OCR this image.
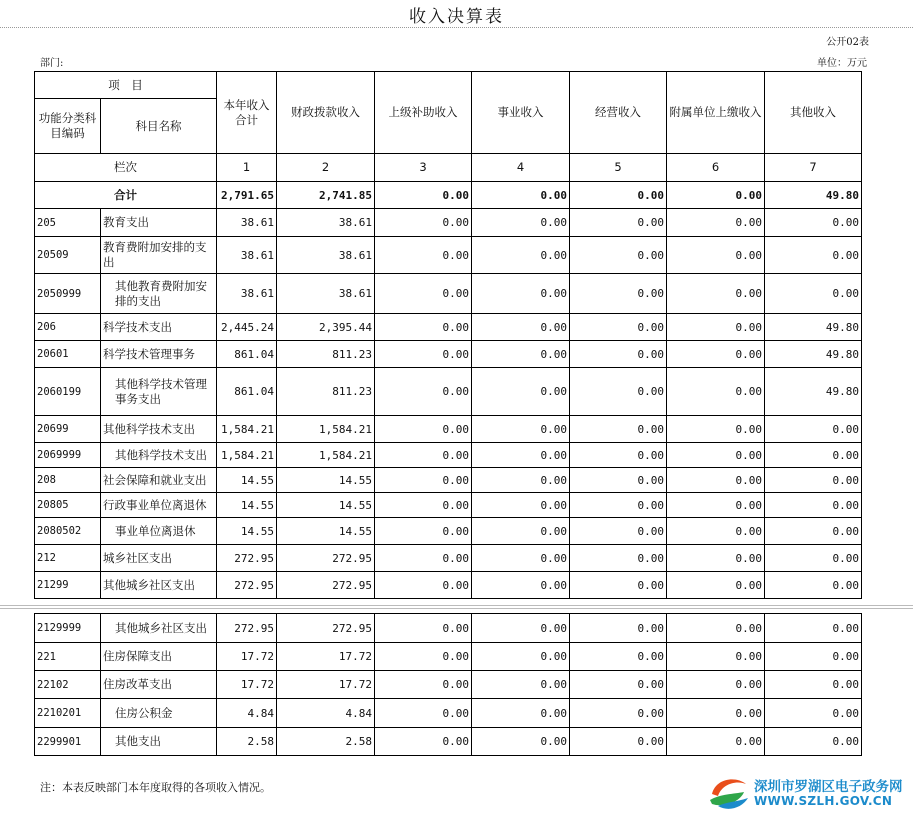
收入决算表
公开02表
部门:	单位：万元
项　目		本年收入合计	财政拨款收入	上级补助收入	事业收入	经营收入	附属单位上缴收入	其他收入
功能分类科目编码	科目名称							
栏次		1	2	3	4	5	6	7
合计		2,791.65	2,741.85	0.00	0.00	0.00	0.00	49.80
205	教育支出	38.61	38.61	0.00	0.00	0.00	0.00	0.00
20509	教育费附加安排的支出	38.61	38.61	0.00	0.00	0.00	0.00	0.00
2050999	其他教育费附加安排的支出	38.61	38.61	0.00	0.00	0.00	0.00	0.00
206	科学技术支出	2,445.24	2,395.44	0.00	0.00	0.00	0.00	49.80
20601	科学技术管理事务	861.04	811.23	0.00	0.00	0.00	0.00	49.80
2060199	其他科学技术管理事务支出	861.04	811.23	0.00	0.00	0.00	0.00	49.80
20699	其他科学技术支出	1,584.21	1,584.21	0.00	0.00	0.00	0.00	0.00
2069999	其他科学技术支出	1,584.21	1,584.21	0.00	0.00	0.00	0.00	0.00
208	社会保障和就业支出	14.55	14.55	0.00	0.00	0.00	0.00	0.00
20805	行政事业单位离退休	14.55	14.55	0.00	0.00	0.00	0.00	0.00
2080502	事业单位离退休	14.55	14.55	0.00	0.00	0.00	0.00	0.00
212	城乡社区支出	272.95	272.95	0.00	0.00	0.00	0.00	0.00
21299	其他城乡社区支出	272.95	272.95	0.00	0.00	0.00	0.00	0.00
2129999	其他城乡社区支出	272.95	272.95	0.00	0.00	0.00	0.00	0.00
221	住房保障支出	17.72	17.72	0.00	0.00	0.00	0.00	0.00
22102	住房改革支出	17.72	17.72	0.00	0.00	0.00	0.00	0.00
2210201	住房公积金	4.84	4.84	0.00	0.00	0.00	0.00	0.00
2299901	其他支出	2.58	2.58	0.00	0.00	0.00	0.00	0.00
注：本表反映部门本年度取得的各项收入情况。	深圳市罗湖区电子政务网
WWW.SZLH.GOV.CN
